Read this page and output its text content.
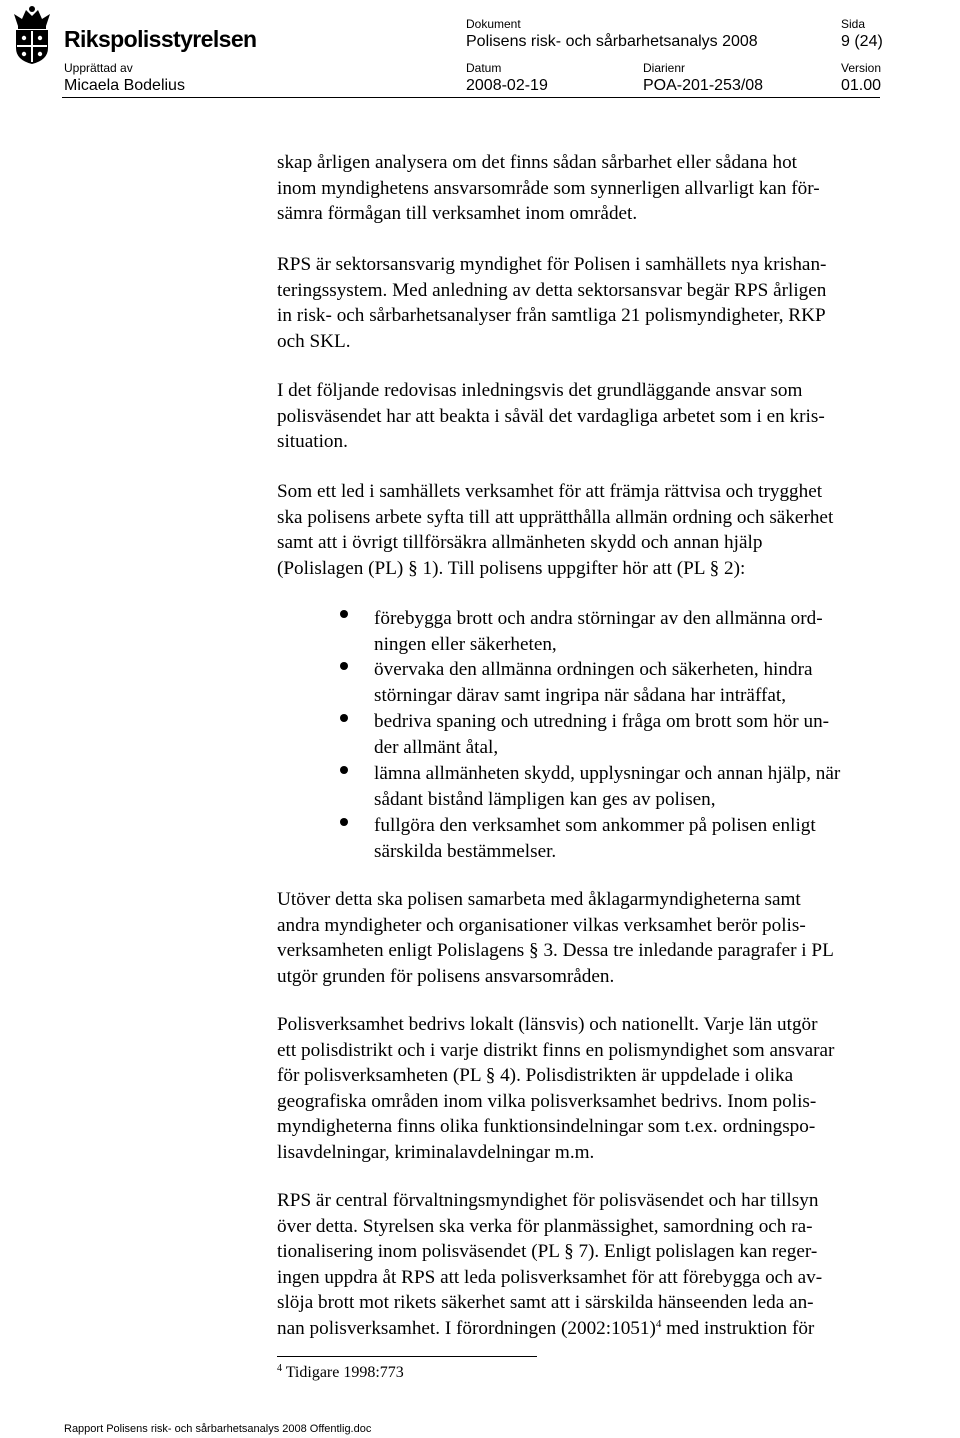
Rikspolisstyrelsen
Dokument	Sida
Polisens risk- och sårbarhetsanalys 2008	9 (24)
Upprättad av	Datum	Diarienr	Version
Micaela Bodelius	2008-02-19	POA-201-253/08	01.00
skap årligen analysera om det finns sådan sårbarhet eller sådana hot
inom myndighetens ansvarsområde som synnerligen allvarligt kan för-
sämra förmågan till verksamhet inom området.
RPS är sektorsansvarig myndighet för Polisen i samhällets nya krishan-
teringssystem. Med anledning av detta sektorsansvar begär RPS årligen
in risk- och sårbarhetsanalyser från samtliga 21 polismyndigheter, RKP
och SKL.
I det följande redovisas inledningsvis det grundläggande ansvar som
polisväsendet har att beakta i såväl det vardagliga arbetet som i en kris-
situation.
Som ett led i samhällets verksamhet för att främja rättvisa och trygghet
ska polisens arbete syfta till att upprätthålla allmän ordning och säkerhet
samt att i övrigt tillförsäkra allmänheten skydd och annan hjälp
(Polislagen (PL) § 1). Till polisens uppgifter hör att (PL § 2):
förebygga brott och andra störningar av den allmänna ord-
ningen eller säkerheten,
övervaka den allmänna ordningen och säkerheten, hindra
störningar därav samt ingripa när sådana har inträffat,
bedriva spaning och utredning i fråga om brott som hör un-
der allmänt åtal,
lämna allmänheten skydd, upplysningar och annan hjälp, när
sådant bistånd lämpligen kan ges av polisen,
fullgöra den verksamhet som ankommer på polisen enligt
särskilda bestämmelser.
Utöver detta ska polisen samarbeta med åklagarmyndigheterna samt
andra myndigheter och organisationer vilkas verksamhet berör polis-
verksamheten enligt Polislagens § 3. Dessa tre inledande paragrafer i PL
utgör grunden för polisens ansvarsområden.
Polisverksamhet bedrivs lokalt (länsvis) och nationellt. Varje län utgör
ett polisdistrikt och i varje distrikt finns en polismyndighet som ansvarar
för polisverksamheten (PL § 4). Polisdistrikten är uppdelade i olika
geografiska områden inom vilka polisverksamhet bedrivs. Inom polis-
myndigheterna finns olika funktionsindelningar som t.ex. ordningspo-
lisavdelningar, kriminalavdelningar m.m.
RPS är central förvaltningsmyndighet för polisväsendet och har tillsyn
över detta. Styrelsen ska verka för planmässighet, samordning och ra-
tionalisering inom polisväsendet (PL § 7). Enligt polislagen kan reger-
ingen uppdra åt RPS att leda polisverksamhet för att förebygga och av-
slöja brott mot rikets säkerhet samt att i särskilda hänseenden leda an-
nan polisverksamhet. I förordningen (2002:1051)$^4$ med instruktion för
$^4$ Tidigare 1998:773
Rapport Polisens risk- och sårbarhetsanalys 2008 Offentlig.doc
